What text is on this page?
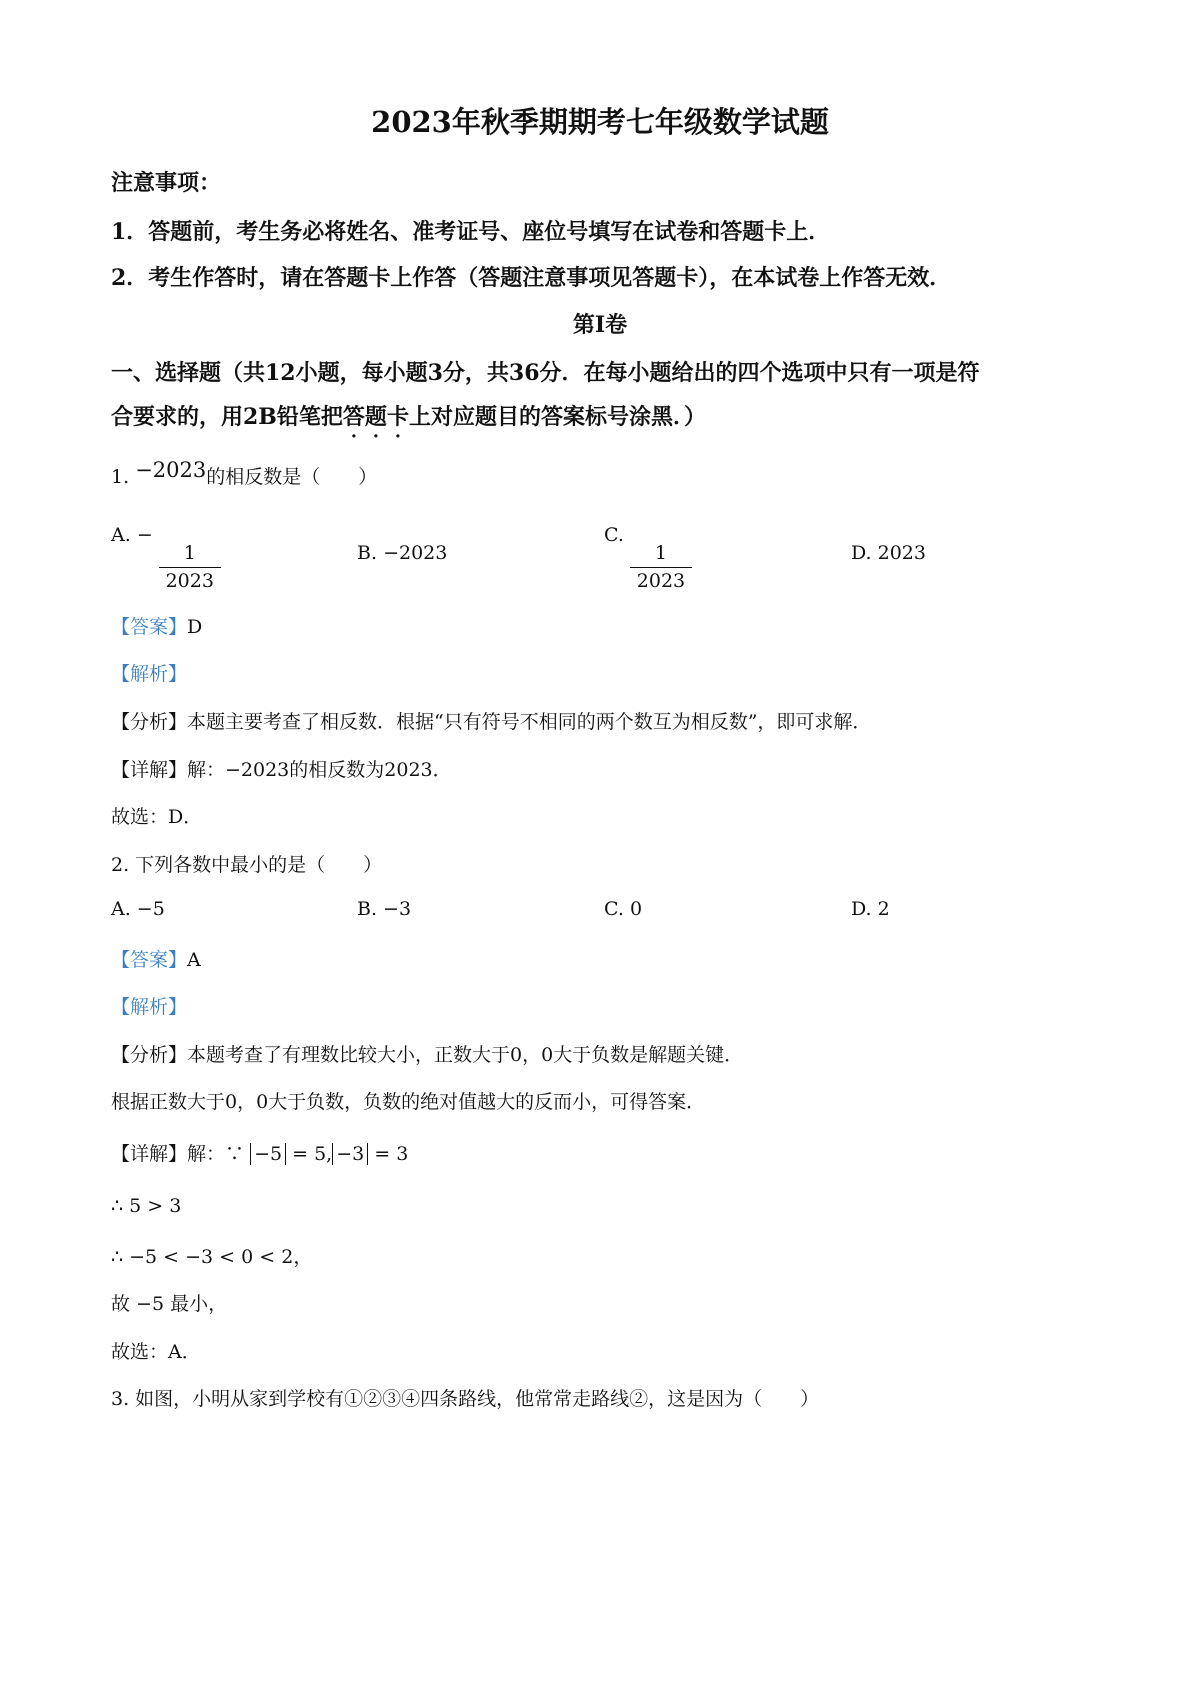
2023年秋季期期考七年级数学试题
注意事项：
1．答题前，考生务必将姓名、准考证号、座位号填写在试卷和答题卡上．
2．考生作答时，请在答题卡上作答（答题注意事项见答题卡），在本试卷上作答无效．
第Ⅰ卷
一、选择题（共12小题，每小题3分，共36分．在每小题给出的四个选项中只有一项是符
合要求的，用2B铅笔把答题卡上对应题目的答案标号涂黑．）
1. −2023的相反数是（　　）
A. −
$\frac{1}{2023}$	B. −2023
C.
$\frac{1}{2023}$	D. 2023
【答案】D
【解析】
【分析】本题主要考查了相反数．根据“只有符号不相同的两个数互为相反数”，即可求解．
【详解】解：−2023的相反数为2023．
故选：D．
2. 下列各数中最小的是（　　）
A. −5	B. −3	C. 0	D. 2
【答案】A
【解析】
【分析】本题考查了有理数比较大小，正数大于0，0大于负数是解题关键．
根据正数大于0，0大于负数，负数的绝对值越大的反而小，可得答案．
【详解】解：∵ −5 = 5, −3 = 3
∴ 5 > 3
∴ −5 < −3 < 0 < 2，
故 −5 最小，
故选：A．
3. 如图，小明从家到学校有①②③④四条路线，他常常走路线②，这是因为（　　）
